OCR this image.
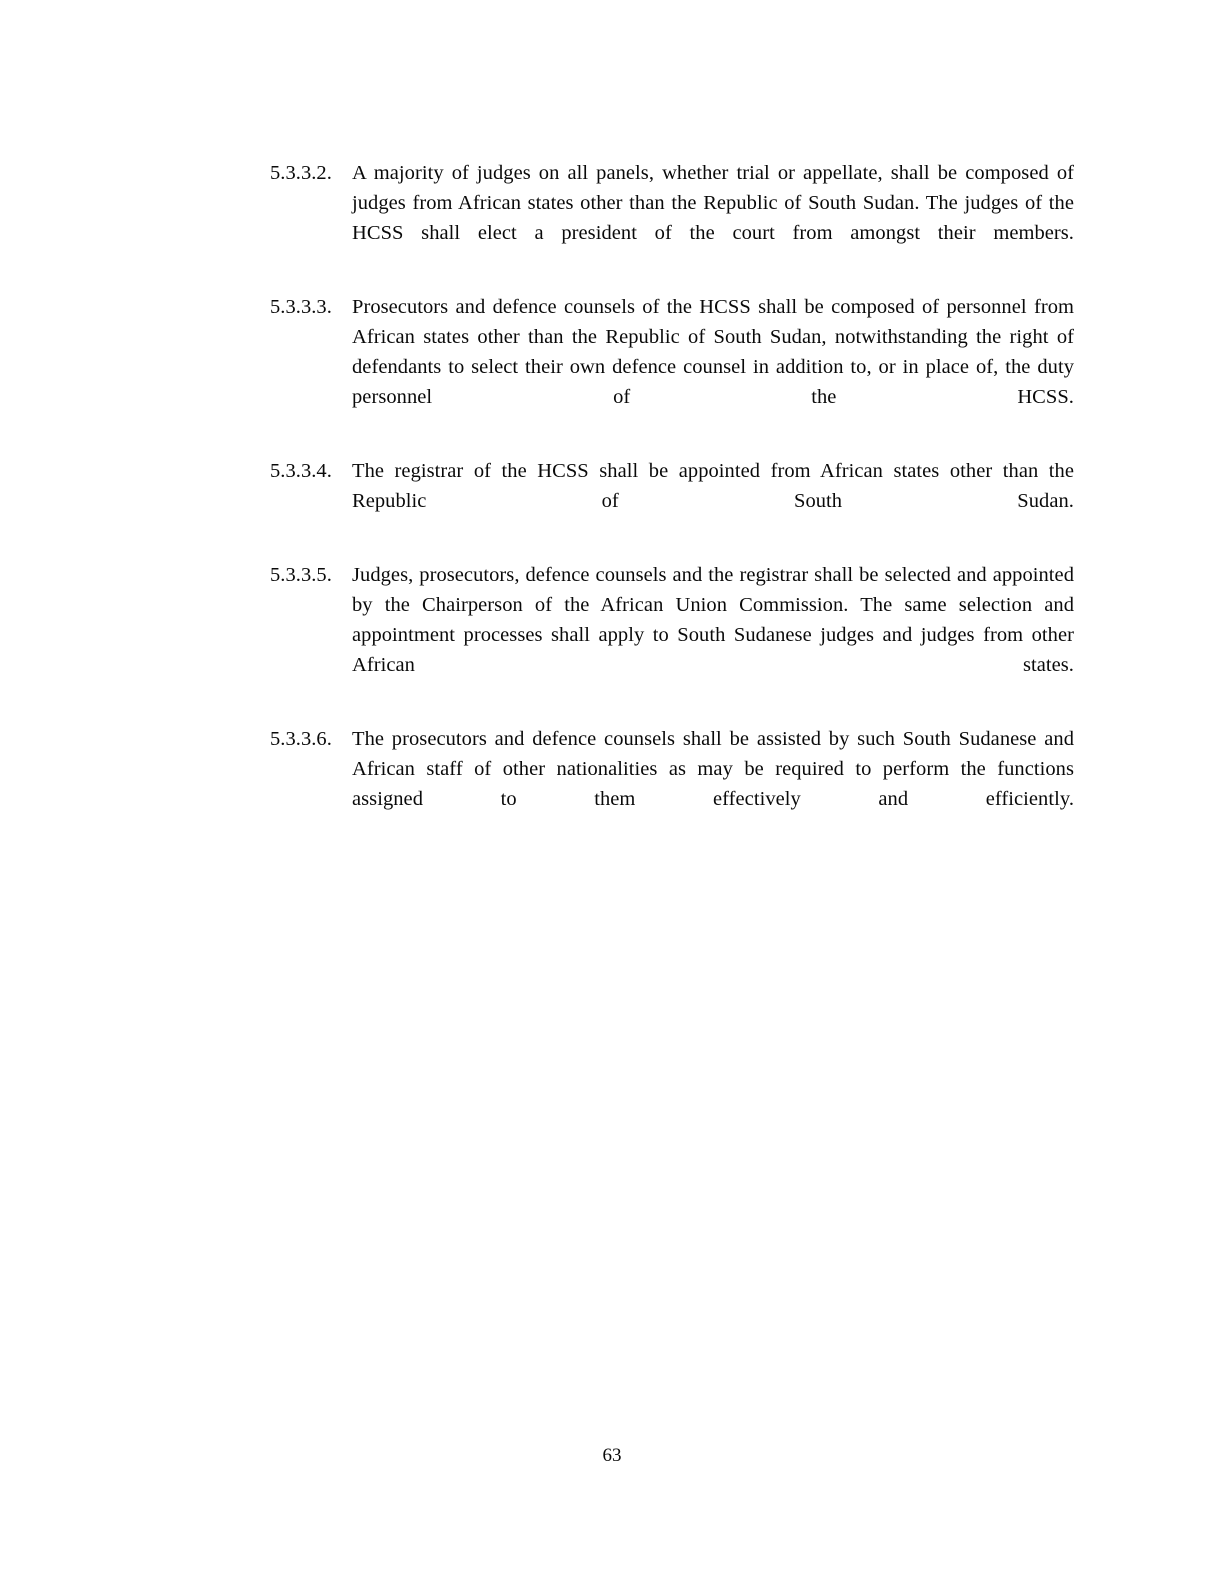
5.3.3.2. A majority of judges on all panels, whether trial or appellate, shall be composed of judges from African states other than the Republic of South Sudan. The judges of the HCSS shall elect a president of the court from amongst their members.
5.3.3.3. Prosecutors and defence counsels of the HCSS shall be composed of personnel from African states other than the Republic of South Sudan, notwithstanding the right of defendants to select their own defence counsel in addition to, or in place of, the duty personnel of the HCSS.
5.3.3.4. The registrar of the HCSS shall be appointed from African states other than the Republic of South Sudan.
5.3.3.5. Judges, prosecutors, defence counsels and the registrar shall be selected and appointed by the Chairperson of the African Union Commission. The same selection and appointment processes shall apply to South Sudanese judges and judges from other African states.
5.3.3.6. The prosecutors and defence counsels shall be assisted by such South Sudanese and African staff of other nationalities as may be required to perform the functions assigned to them effectively and efficiently.
63
